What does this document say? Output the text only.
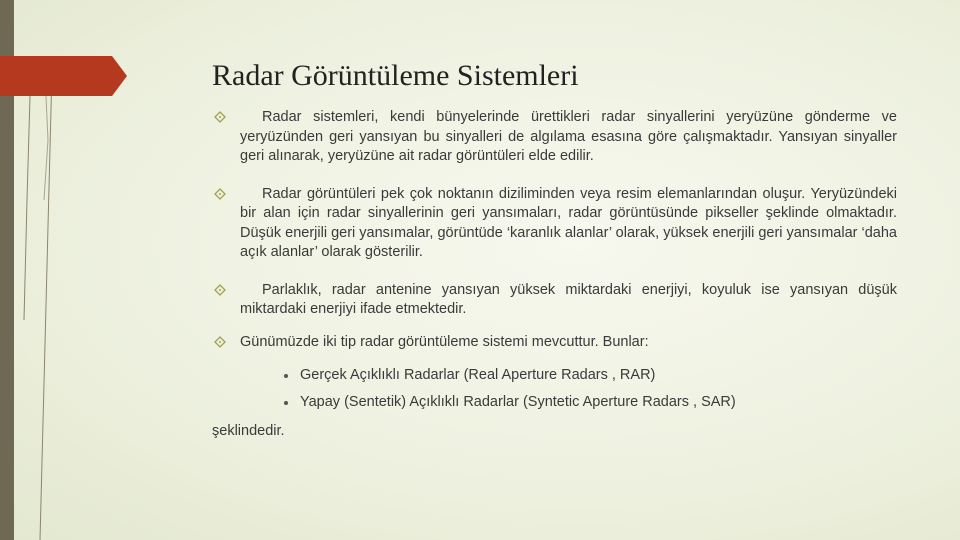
Radar Görüntüleme Sistemleri

Radar sistemleri, kendi bünyelerinde ürettikleri radar sinyallerini yeryüzüne gönderme ve yeryüzünden geri yansıyan bu sinyalleri de algılama esasına göre çalışmaktadır. Yansıyan sinyaller geri alınarak, yeryüzüne ait radar görüntüleri elde edilir.

Radar görüntüleri pek çok noktanın diziliminden veya resim elemanlarından oluşur. Yeryüzündeki bir alan için radar sinyallerinin geri yansımaları, radar görüntüsünde pikseller şeklinde olmaktadır. Düşük enerjili geri yansımalar, görüntüde ‘karanlık alanlar’ olarak, yüksek enerjili geri yansımalar ‘daha açık alanlar’ olarak gösterilir.

Parlaklık, radar antenine yansıyan yüksek miktardaki enerjiyi, koyuluk ise yansıyan düşük miktardaki enerjiyi ifade etmektedir.

Günümüzde iki tip radar görüntüleme sistemi mevcuttur. Bunlar:

Gerçek Açıklıklı Radarlar (Real Aperture Radars , RAR)
Yapay (Sentetik) Açıklıklı Radarlar (Syntetic Aperture Radars , SAR)

şeklindedir.
